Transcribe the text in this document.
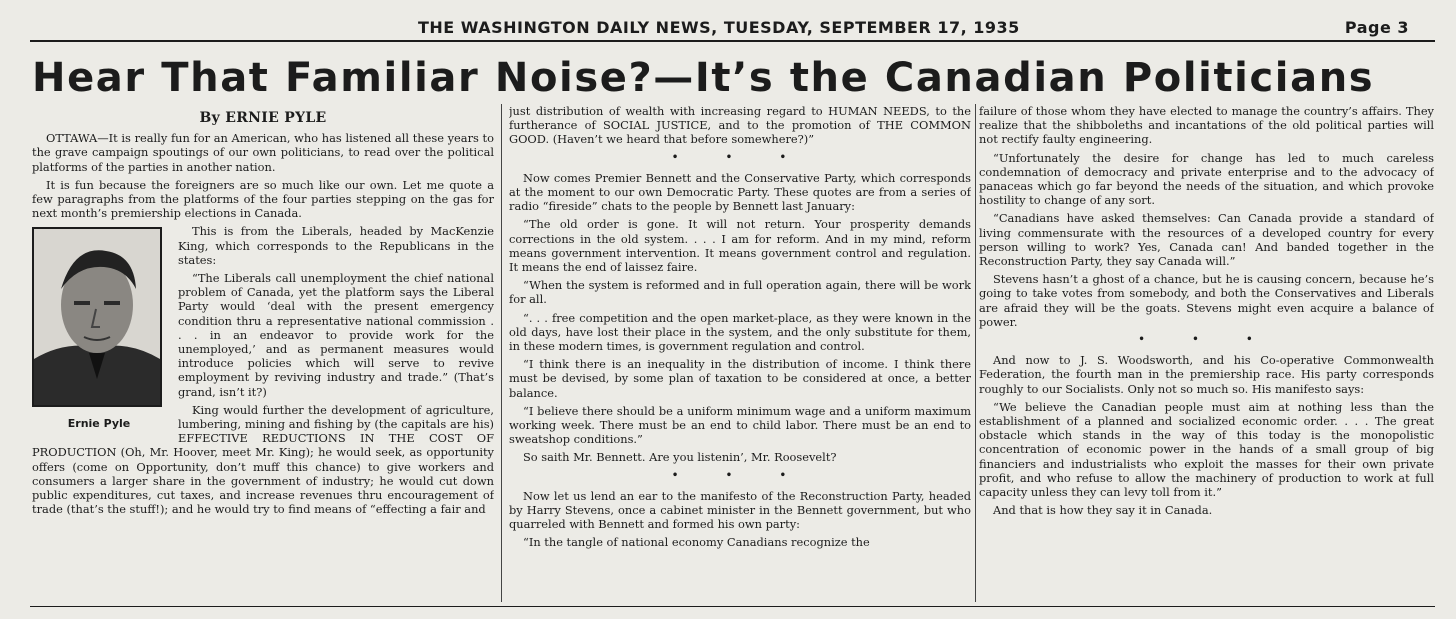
THE WASHINGTON DAILY NEWS, TUESDAY, SEPTEMBER 17, 1935	Page 3
Hear That Familiar Noise?—It’s the Canadian Politicians
By ERNIE PYLE

OTTAWA—It is really fun for an American, who has listened all these years to the grave campaign spoutings of our own politicians, to read over the political platforms of the parties in another nation.

It is fun because the foreigners are so much like our own. Let me quote a few paragraphs from the platforms of the four parties stepping on the gas for next month’s premiership elections in Canada.

Ernie Pyle

This is from the Liberals, headed by MacKenzie King, which corresponds to the Republicans in the states:

“The Liberals call unemployment the chief national problem of Canada, yet the platform says the Liberal Party would ‘deal with the present emergency condition thru a representative national commission . . . in an endeavor to provide work for the unemployed,’ and as permanent measures would introduce policies which will serve to revive employment by reviving industry and trade.” (That’s grand, isn’t it?)

King would further the development of agriculture, lumbering, mining and fishing by (the capitals are his) EFFECTIVE REDUCTIONS IN THE COST OF PRODUCTION (Oh, Mr. Hoover, meet Mr. King); he would seek, as opportunity offers (come on Opportunity, don’t muff this chance) to give workers and consumers a larger share in the government of industry; he would cut down public expenditures, cut taxes, and increase revenues thru encouragement of trade (that’s the stuff!); and he would try to find means of “effecting a fair and

just distribution of wealth with increasing regard to HUMAN NEEDS, to the furtherance of SOCIAL JUSTICE, and to the promotion of THE COMMON GOOD. (Haven’t we heard that before somewhere?)”

• • •

Now comes Premier Bennett and the Conservative Party, which corresponds at the moment to our own Democratic Party. These quotes are from a series of radio “fireside” chats to the people by Bennett last January:

“The old order is gone. It will not return. Your prosperity demands corrections in the old system. . . . I am for reform. And in my mind, reform means government intervention. It means government control and regulation. It means the end of laissez faire.

“When the system is reformed and in full operation again, there will be work for all.

“. . . free competition and the open market-place, as they were known in the old days, have lost their place in the system, and the only substitute for them, in these modern times, is government regulation and control.

“I think there is an inequality in the distribution of income. I think there must be devised, by some plan of taxation to be considered at once, a better balance.

“I believe there should be a uniform minimum wage and a uniform maximum working week. There must be an end to child labor. There must be an end to sweatshop conditions.”

So saith Mr. Bennett. Are you listenin’, Mr. Roosevelt?

• • •

Now let us lend an ear to the manifesto of the Reconstruction Party, headed by Harry Stevens, once a cabinet minister in the Bennett government, but who quarreled with Bennett and formed his own party:

“In the tangle of national economy Canadians recognize the

failure of those whom they have elected to manage the country’s affairs. They realize that the shibboleths and incantations of the old political parties will not rectify faulty engineering.

“Unfortunately the desire for change has led to much careless condemnation of democracy and private enterprise and to the advocacy of panaceas which go far beyond the needs of the situation, and which provoke hostility to change of any sort.

“Canadians have asked themselves: Can Canada provide a standard of living commensurate with the resources of a developed country for every person willing to work? Yes, Canada can! And banded together in the Reconstruction Party, they say Canada will.”

Stevens hasn’t a ghost of a chance, but he is causing concern, because he’s going to take votes from somebody, and both the Conservatives and Liberals are afraid they will be the goats. Stevens might even acquire a balance of power.

• • •

And now to J. S. Woodsworth, and his Co-operative Commonwealth Federation, the fourth man in the premiership race. His party corresponds roughly to our Socialists. Only not so much so. His manifesto says:

“We believe the Canadian people must aim at nothing less than the establishment of a planned and socialized economic order. . . . The great obstacle which stands in the way of this today is the monopolistic concentration of economic power in the hands of a small group of big financiers and industrialists who exploit the masses for their own private profit, and who refuse to allow the machinery of production to work at full capacity unless they can levy toll from it.”

And that is how they say it in Canada.
